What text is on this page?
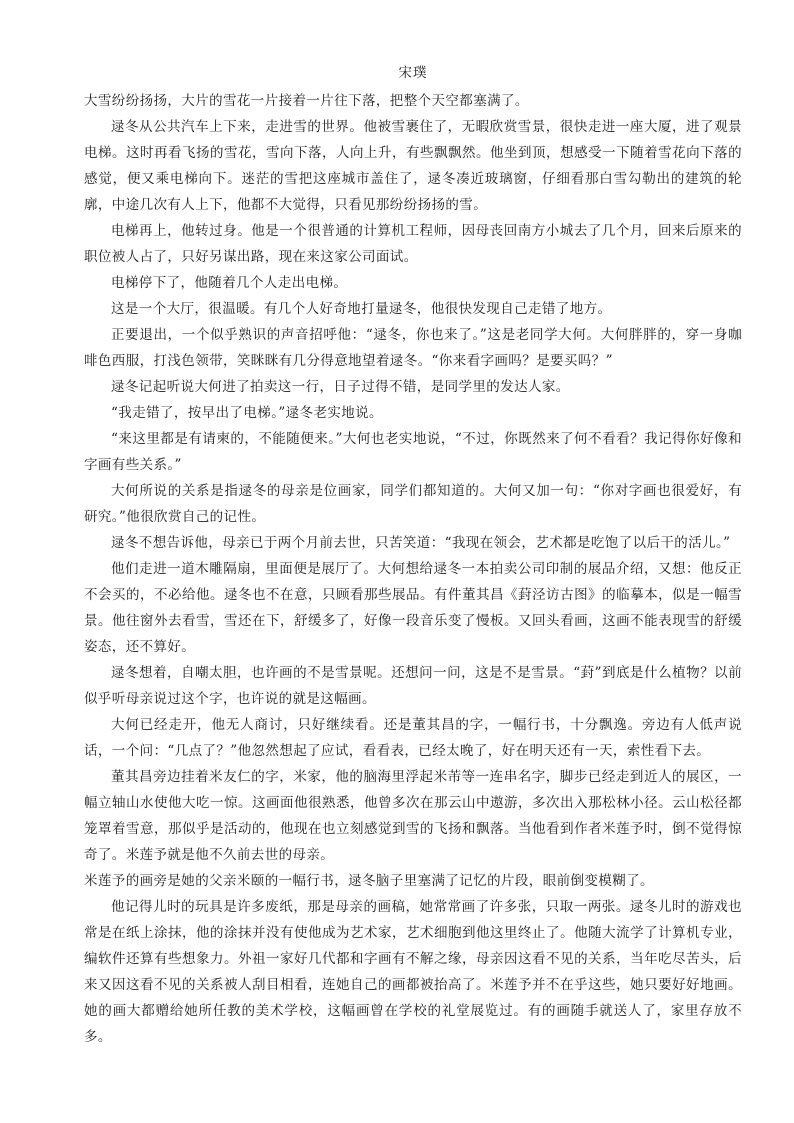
宋璞

大雪纷纷扬扬，大片的雪花一片接着一片往下落，把整个天空都塞满了。

逯冬从公共汽车上下来，走进雪的世界。他被雪裹住了，无暇欣赏雪景，很快走进一座大厦，进了观景电梯。这时再看飞扬的雪花，雪向下落，人向上升，有些飘飘然。他坐到顶，想感受一下随着雪花向下落的感觉，便又乘电梯向下。迷茫的雪把这座城市盖住了，逯冬凑近玻璃窗，仔细看那白雪勾勒出的建筑的轮廓，中途几次有人上下，他都不大觉得，只看见那纷纷扬扬的雪。

电梯再上，他转过身。他是一个很普通的计算机工程师，因母丧回南方小城去了几个月，回来后原来的职位被人占了，只好另谋出路，现在来这家公司面试。

电梯停下了，他随着几个人走出电梯。

这是一个大厅，很温暖。有几个人好奇地打量逯冬，他很快发现自己走错了地方。

正要退出，一个似乎熟识的声音招呼他：“逯冬，你也来了。”这是老同学大何。大何胖胖的，穿一身咖啡色西服，打浅色领带，笑眯眯有几分得意地望着逯冬。“你来看字画吗？是要买吗？”

逯冬记起听说大何进了拍卖这一行，日子过得不错，是同学里的发达人家。

“我走错了，按早出了电梯。”逯冬老实地说。

“来这里都是有请柬的，不能随便来。”大何也老实地说，“不过，你既然来了何不看看？我记得你好像和字画有些关系。”

大何所说的关系是指逯冬的母亲是位画家，同学们都知道的。大何又加一句：“你对字画也很爱好，有研究。”他很欣赏自己的记性。

逯冬不想告诉他，母亲已于两个月前去世，只苦笑道：“我现在领会，艺术都是吃饱了以后干的活儿。”

他们走进一道木雕隔扇，里面便是展厅了。大何想给逯冬一本拍卖公司印制的展品介绍，又想：他反正不会买的，不必给他。逯冬也不在意，只顾看那些展品。有件董其昌《葑泾访古图》的临摹本，似是一幅雪景。他往窗外去看雪，雪还在下，舒缓多了，好像一段音乐变了慢板。又回头看画，这画不能表现雪的舒缓姿态，还不算好。

逯冬想着，自嘲太胆，也许画的不是雪景呢。还想问一问，这是不是雪景。“葑”到底是什么植物？以前似乎听母亲说过这个字，也许说的就是这幅画。

大何已经走开，他无人商讨，只好继续看。还是董其昌的字，一幅行书，十分飘逸。旁边有人低声说话，一个问：“几点了？”他忽然想起了应试，看看表，已经太晚了，好在明天还有一天，索性看下去。

董其昌旁边挂着米友仁的字，米家，他的脑海里浮起米芾等一连串名字，脚步已经走到近人的展区，一幅立轴山水使他大吃一惊。这画面他很熟悉，他曾多次在那云山中遨游，多次出入那松林小径。云山松径都笼罩着雪意，那似乎是活动的，他现在也立刻感觉到雪的飞扬和飘落。当他看到作者米莲予时，倒不觉得惊奇了。米莲予就是他不久前去世的母亲。

米莲予的画旁是她的父亲米颐的一幅行书，逯冬脑子里塞满了记忆的片段，眼前倒变模糊了。

他记得儿时的玩具是许多废纸，那是母亲的画稿，她常常画了许多张，只取一两张。逯冬儿时的游戏也常是在纸上涂抹，他的涂抹并没有使他成为艺术家，艺术细胞到他这里终止了。他随大流学了计算机专业，编软件还算有些想象力。外祖一家好几代都和字画有不解之缘，母亲因这看不见的关系，当年吃尽苦头，后来又因这看不见的关系被人刮目相看，连她自己的画都被抬高了。米莲予并不在乎这些，她只要好好地画。她的画大都赠给她所任教的美术学校，这幅画曾在学校的礼堂展览过。有的画随手就送人了，家里存放不多。
